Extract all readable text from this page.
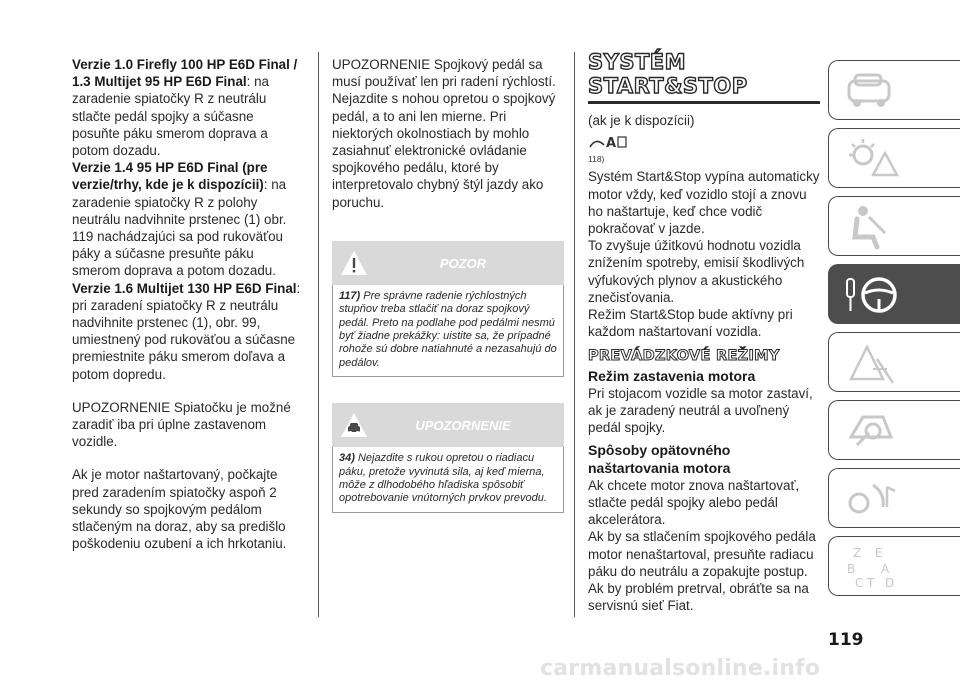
Verzie 1.0 Firefly 100 HP E6D Final / 1.3 Multijet 95 HP E6D Final: na zaradenie spiatočky R z neutrálu stlačte pedál spojky a súčasne posuňte páku smerom doprava a potom dozadu.

Verzie 1.4 95 HP E6D Final (pre verzie/trhy, kde je k dispozícii): na zaradenie spiatočky R z polohy neutrálu nadvihnite prstenec (1) obr. 119 nachádzajúci sa pod rukoväťou páky a súčasne presuňte páku smerom doprava a potom dozadu.

Verzie 1.6 Multijet 130 HP E6D Final: pri zaradení spiatočky R z neutrálu nadvihnite prstenec (1), obr. 99, umiestnený pod rukoväťou a súčasne premiestnite páku smerom doľava a potom dopredu.

UPOZORNENIE Spiatočku je možné zaradiť iba pri úplne zastavenom vozidle.

Ak je motor naštartovaný, počkajte pred zaradením spiatočky aspoň 2 sekundy so spojkovým pedálom stlačeným na doraz, aby sa predišlo poškodeniu ozubení a ich hrkotaniu.

UPOZORNENIE Spojkový pedál sa musí používať len pri radení rýchlostí. Nejazdite s nohou opretou o spojkový pedál, a to ani len mierne. Pri niektorých okolnostiach by mohlo zasiahnuť elektronické ovládanie spojkového pedálu, ktoré by interpretovalo chybný štýl jazdy ako poruchu.

POZOR
117) Pre správne radenie rýchlostných stupňov treba stlačiť na doraz spojkový pedál. Preto na podlahe pod pedálmi nesmú byť žiadne prekážky: uistite sa, že prípadné rohože sú dobre natiahnuté a nezasahujú do pedálov.
UPOZORNENIE
34) Nejazdite s rukou opretou o riadiacu páku, pretože vyvinutá sila, aj keď mierna, môže z dlhodobého hľadiska spôsobiť opotrebovanie vnútorných prvkov prevodu.
SYSTÉM
START&STOP

(ak je k dispozícii)

A

118)

Systém Start&Stop vypína automaticky motor vždy, keď vozidlo stojí a znovu ho naštartuje, keď chce vodič pokračovať v jazde.

To zvyšuje úžitkovú hodnotu vozidla znížením spotreby, emisií škodlivých výfukových plynov a akustického znečisťovania.

Režim Start&Stop bude aktívny pri každom naštartovaní vozidla.

PREVÁDZKOVÉ REŽIMY

Režim zastavenia motora

Pri stojacom vozidle sa motor zastaví, ak je zaradený neutrál a uvoľnený pedál spojky.

Spôsoby opätovného naštartovania motora

Ak chcete motor znova naštartovať, stlačte pedál spojky alebo pedál akcelerátora.

Ak by sa stlačením spojkového pedála motor nenaštartoval, presuňte radiacu páku do neutrálu a zopakujte postup.

Ak by problém pretrval, obráťte sa na servisnú sieť Fiat.

Z E
B A
C T D
119
carmanualsonline.info
